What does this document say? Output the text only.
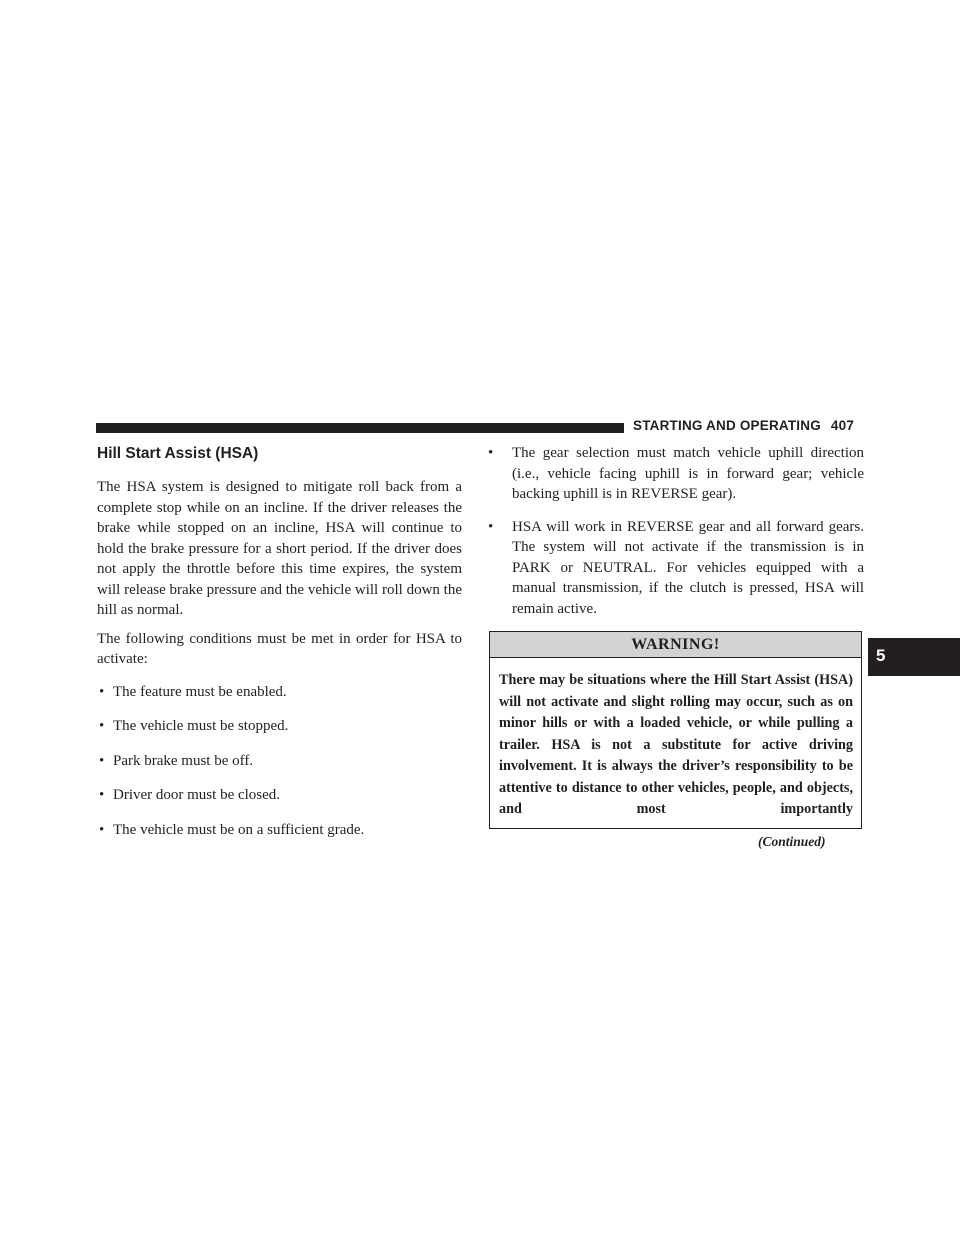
STARTING AND OPERATING 407
5
Hill Start Assist (HSA)

The HSA system is designed to mitigate roll back from a complete stop while on an incline. If the driver releases the brake while stopped on an incline, HSA will continue to hold the brake pressure for a short period. If the driver does not apply the throttle before this time expires, the system will release brake pressure and the vehicle will roll down the hill as normal.

The following conditions must be met in order for HSA to activate:

• The feature must be enabled.
• The vehicle must be stopped.
• Park brake must be off.
• Driver door must be closed.
• The vehicle must be on a sufficient grade.
• The gear selection must match vehicle uphill direction (i.e., vehicle facing uphill is in forward gear; vehicle backing uphill is in REVERSE gear).
• HSA will work in REVERSE gear and all forward gears. The system will not activate if the transmission is in PARK or NEUTRAL. For vehicles equipped with a manual transmission, if the clutch is pressed, HSA will remain active.
WARNING!
There may be situations where the Hill Start Assist (HSA) will not activate and slight rolling may occur, such as on minor hills or with a loaded vehicle, or while pulling a trailer. HSA is not a substitute for active driving involvement. It is always the driver’s responsibility to be attentive to distance to other vehicles, people, and objects, and most importantly
(Continued)
